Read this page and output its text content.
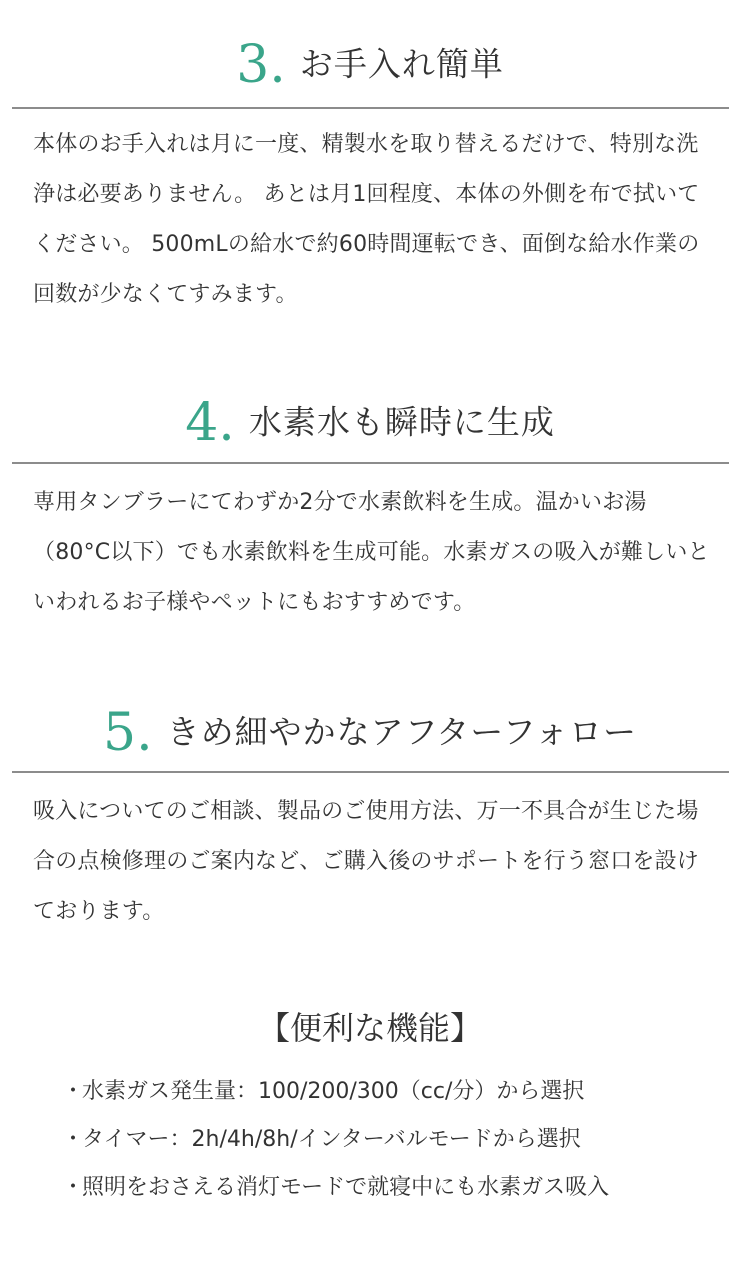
3. お手入れ簡単

本体のお手入れは月に一度、精製水を取り替えるだけで、特別な洗浄は必要ありません。 あとは月1回程度、本体の外側を布で拭いてください。 500mLの給水で約60時間運転でき、面倒な給水作業の回数が少なくてすみます。

4. 水素水も瞬時に生成

専用タンブラーにてわずか2分で水素飲料を生成。温かいお湯（80°C以下）でも水素飲料を生成可能。水素ガスの吸入が難しいといわれるお子様やペットにもおすすめです。

5. きめ細やかなアフターフォロー

吸入についてのご相談、製品のご使用方法、万一不具合が生じた場合の点検修理のご案内など、ご購入後のサポートを行う窓口を設けております。

【便利な機能】
・水素ガス発生量：100/200/300（cc/分）から選択
・タイマー：2h/4h/8h/インターバルモードから選択
・照明をおさえる消灯モードで就寝中にも水素ガス吸入
